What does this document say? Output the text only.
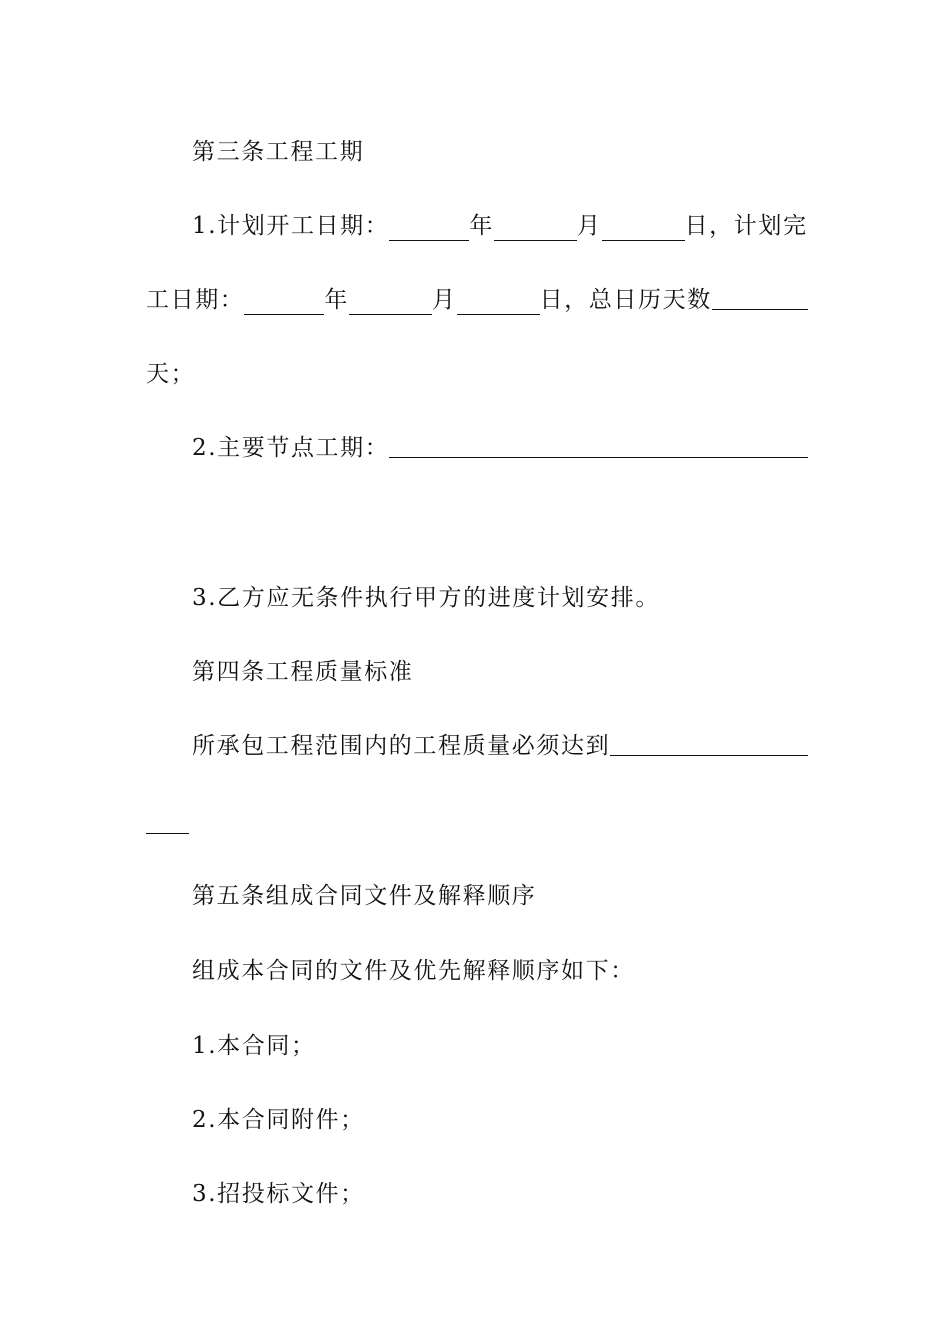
第三条工程工期
1.计划开工日期：	年	月	日，计划完
工日期：	年	月	日，总日历天数
天；
2.主要节点工期：
3.乙方应无条件执行甲方的进度计划安排。
第四条工程质量标准
所承包工程范围内的工程质量必须达到
第五条组成合同文件及解释顺序
组成本合同的文件及优先解释顺序如下：
1.本合同；
2.本合同附件；
3.招投标文件；
